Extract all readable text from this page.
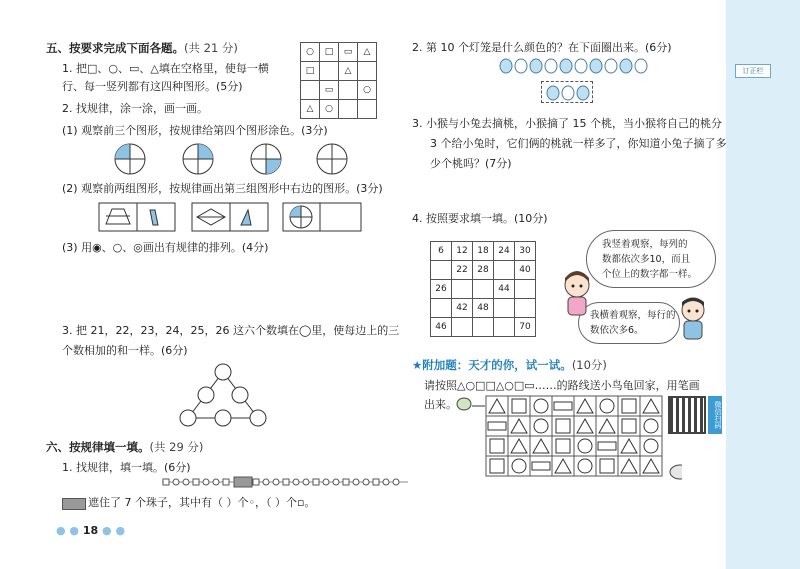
订正栏
五、按要求完成下面各题。(共 21 分)
1. 把□、○、▭、△填在空格里，使每一横
行、每一竖列都有这四种图形。(5分)
○	□	▭	△
□		△	
	▭		○
△	○		
2. 找规律，涂一涂，画一画。
(1) 观察前三个图形，按规律给第四个图形涂色。(3分)
(2) 观察前两组图形，按规律画出第三组图形中右边的图形。(3分)
(3) 用◉、○、◎画出有规律的排列。(4分)
3. 把 21，22，23，24，25，26 这六个数填在◯里，使每边上的三
个数相加的和一样。(6分)
六、按规律填一填。(共 29 分)
1. 找规律，填一填。(6分)
遮住了 7 个珠子，其中有（ ）个◦，（ ）个▫。
● ● 18 ● ●
2. 第 10 个灯笼是什么颜色的？在下面圈出来。(6分)
3. 小猴与小兔去摘桃，小猴摘了 15 个桃，当小猴将自己的桃分
3 个给小兔时，它们俩的桃就一样多了，你知道小兔子摘了多
少个桃吗？(7分)
4. 按照要求填一填。(10分)
6	12	18	24	30
	22	28		40
26			44	
	42	48		
46				70
我竖着观察，每列的
数都依次多10，而且
个位上的数字都一样。
我横着观察，每行的
数依次多6。
★附加题：天才的你，试一试。(10分)
请按照△○□□△○□▭……的路线送小鸟龟回家，用笔画
出来。	微信扫码
